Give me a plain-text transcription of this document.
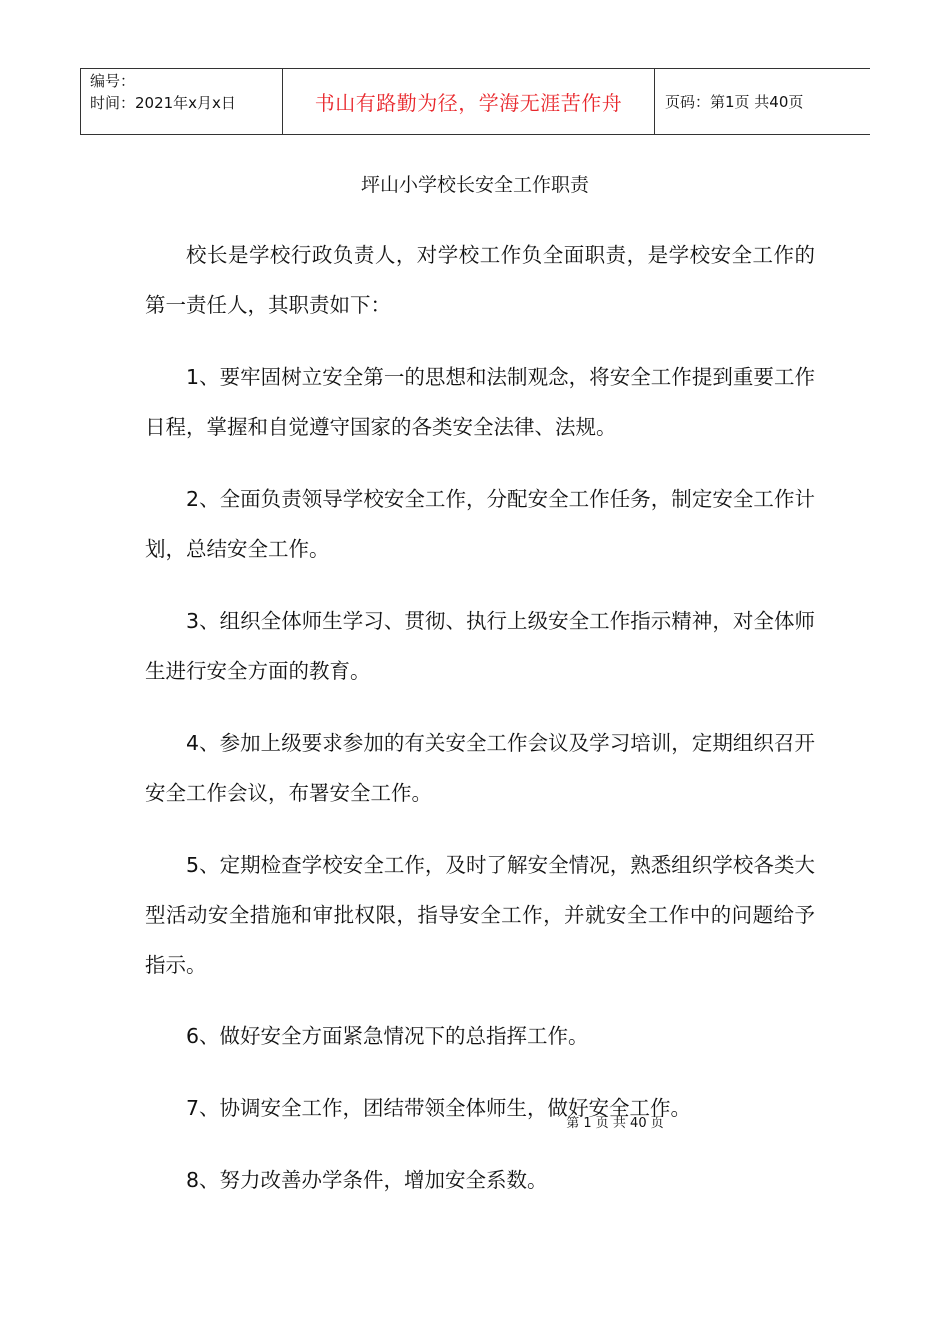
编号：
时间：2021年x月x日	书山有路勤为径，学海无涯苦作舟	页码：第1页 共40页
坪山小学校长安全工作职责

校长是学校行政负责人，对学校工作负全面职责，是学校安全工作的第一责任人，其职责如下：

1、要牢固树立安全第一的思想和法制观念，将安全工作提到重要工作日程，掌握和自觉遵守国家的各类安全法律、法规。

2、全面负责领导学校安全工作，分配安全工作任务，制定安全工作计划，总结安全工作。

3、组织全体师生学习、贯彻、执行上级安全工作指示精神，对全体师生进行安全方面的教育。

4、参加上级要求参加的有关安全工作会议及学习培训，定期组织召开安全工作会议，布署安全工作。

5、定期检查学校安全工作，及时了解安全情况，熟悉组织学校各类大型活动安全措施和审批权限，指导安全工作，并就安全工作中的问题给予指示。

6、做好安全方面紧急情况下的总指挥工作。

7、协调安全工作，团结带领全体师生，做好安全工作。

8、努力改善办学条件，增加安全系数。

第 1 页 共 40 页
